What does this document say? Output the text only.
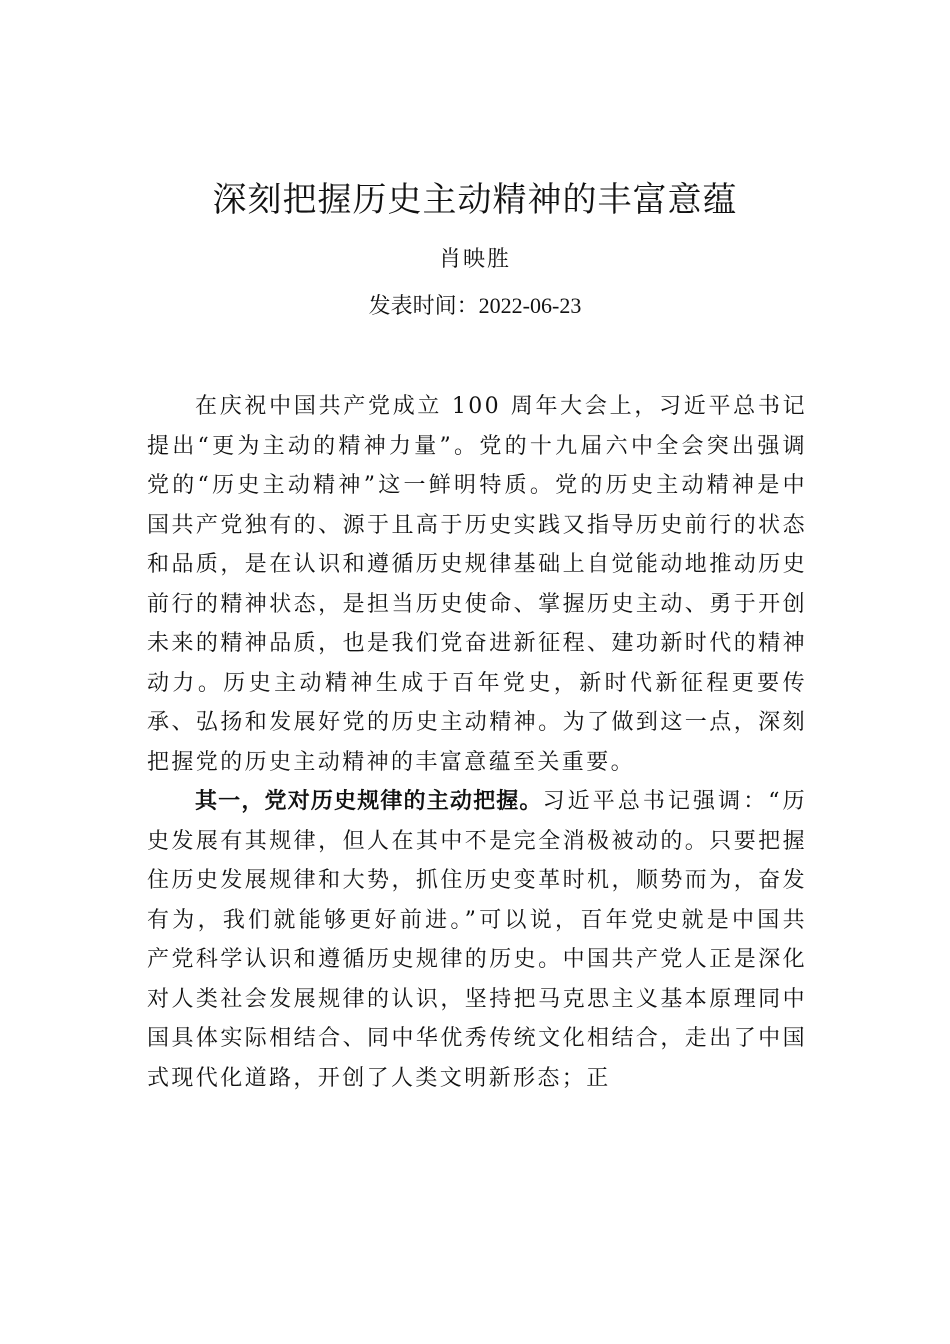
深刻把握历史主动精神的丰富意蕴
肖映胜
发表时间：2022-06-23

在庆祝中国共产党成立 100 周年大会上，习近平总书记提出“更为主动的精神力量”。党的十九届六中全会突出强调党的“历史主动精神”这一鲜明特质。党的历史主动精神是中国共产党独有的、源于且高于历史实践又指导历史前行的状态和品质，是在认识和遵循历史规律基础上自觉能动地推动历史前行的精神状态，是担当历史使命、掌握历史主动、勇于开创未来的精神品质，也是我们党奋进新征程、建功新时代的精神动力。历史主动精神生成于百年党史，新时代新征程更要传承、弘扬和发展好党的历史主动精神。为了做到这一点，深刻把握党的历史主动精神的丰富意蕴至关重要。

其一，党对历史规律的主动把握。习近平总书记强调：“历史发展有其规律，但人在其中不是完全消极被动的。只要把握住历史发展规律和大势，抓住历史变革时机，顺势而为，奋发有为，我们就能够更好前进。”可以说，百年党史就是中国共产党科学认识和遵循历史规律的历史。中国共产党人正是深化对人类社会发展规律的认识，坚持把马克思主义基本原理同中国具体实际相结合、同中华优秀传统文化相结合，走出了中国式现代化道路，开创了人类文明新形态；正
